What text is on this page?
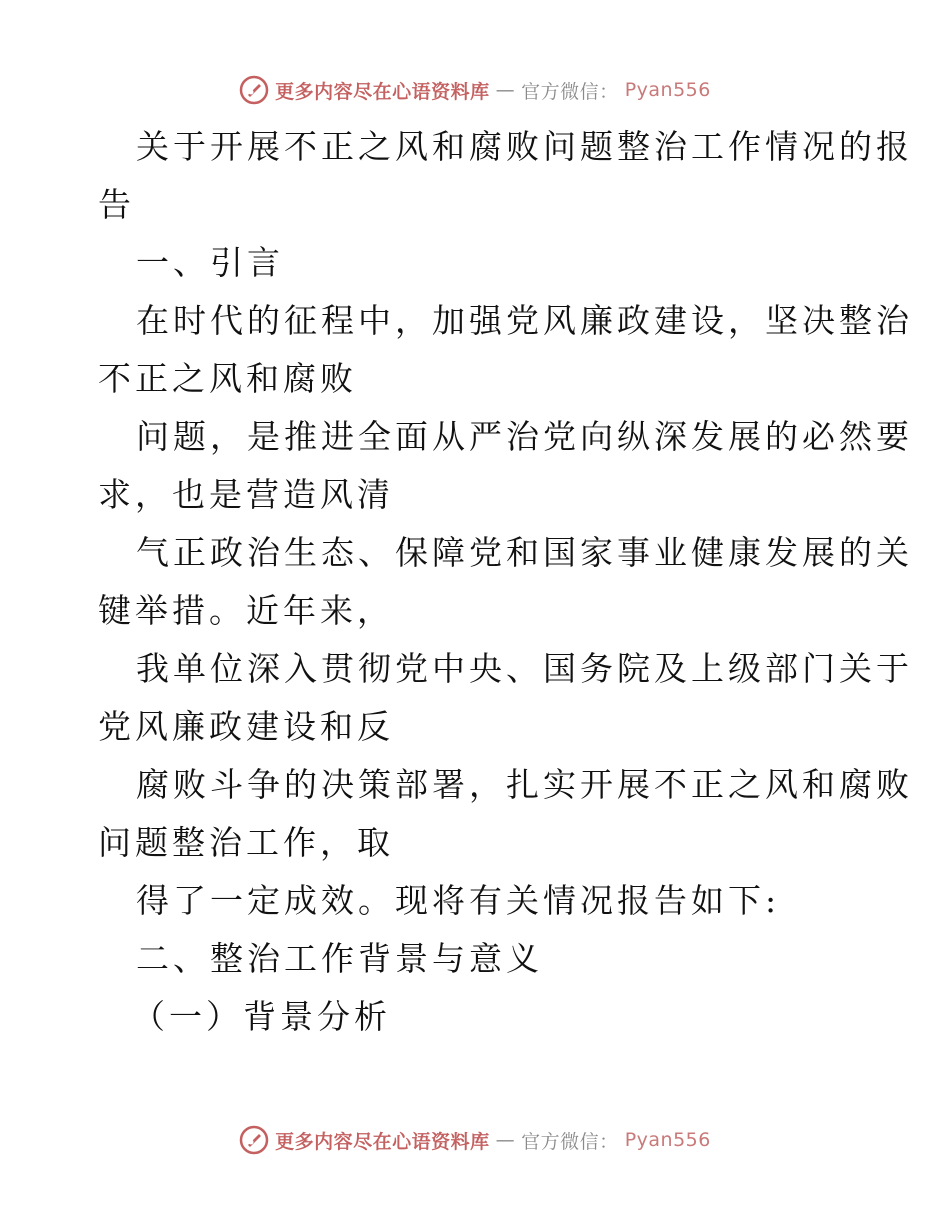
更多内容尽在心语资料库 — 官方微信： Pyan556
关于开展不正之风和腐败问题整治工作情况的报
告
一、引言
在时代的征程中，加强党风廉政建设，坚决整治
不正之风和腐败
问题，是推进全面从严治党向纵深发展的必然要
求，也是营造风清
气正政治生态、保障党和国家事业健康发展的关
键举措。近年来，
我单位深入贯彻党中央、国务院及上级部门关于
党风廉政建设和反
腐败斗争的决策部署，扎实开展不正之风和腐败
问题整治工作，取
得了一定成效。现将有关情况报告如下:
二、整治工作背景与意义
（一）背景分析
更多内容尽在心语资料库 — 官方微信： Pyan556
